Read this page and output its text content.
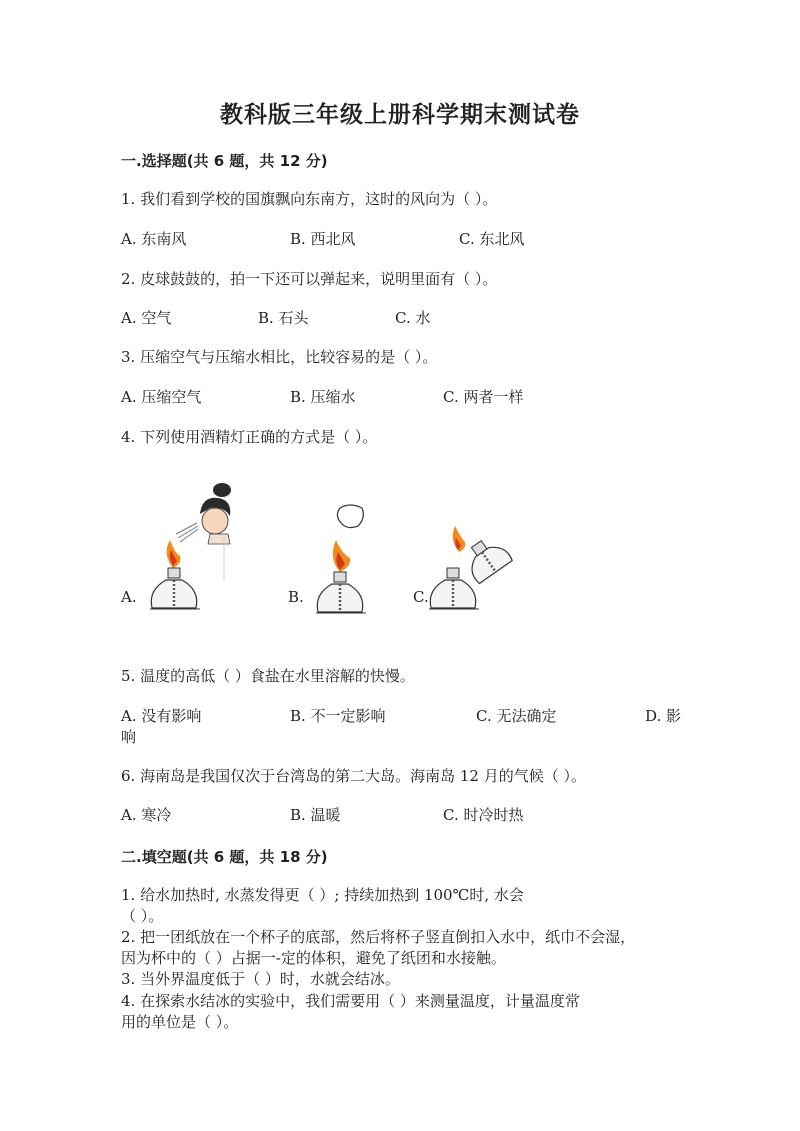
教科版三年级上册科学期末测试卷
一.选择题(共 6 题，共 12 分)
1. 我们看到学校的国旗飘向东南方，这时的风向为（ ）。
A. 东南风	B. 西北风	C. 东北风
2. 皮球鼓鼓的，拍一下还可以弹起来，说明里面有（ ）。
A. 空气	B. 石头	C. 水
3. 压缩空气与压缩水相比，比较容易的是（ ）。
A. 压缩空气	B. 压缩水	C. 两者一样
4. 下列使用酒精灯正确的方式是（ ）。
A.	B.	C.
5. 温度的高低（ ）食盐在水里溶解的快慢。
A. 没有影响	B. 不一定影响	C. 无法确定	D. 影
响
6. 海南岛是我国仅次于台湾岛的第二大岛。海南岛 12 月的气候（ ）。
A. 寒冷	B. 温暖	C. 时冷时热
二.填空题(共 6 题，共 18 分)
1. 给水加热时, 水蒸发得更（ ）; 持续加热到 100℃时, 水会
（ ）。
2. 把一团纸放在一个杯子的底部，然后将杯子竖直倒扣入水中，纸巾不会湿，
因为杯中的（ ）占据一-定的体积，避免了纸团和水接触。
3. 当外界温度低于（ ）时，水就会结冰。
4. 在探索水结冰的实验中，我们需要用（ ）来测量温度，计量温度常
用的单位是（ ）。
